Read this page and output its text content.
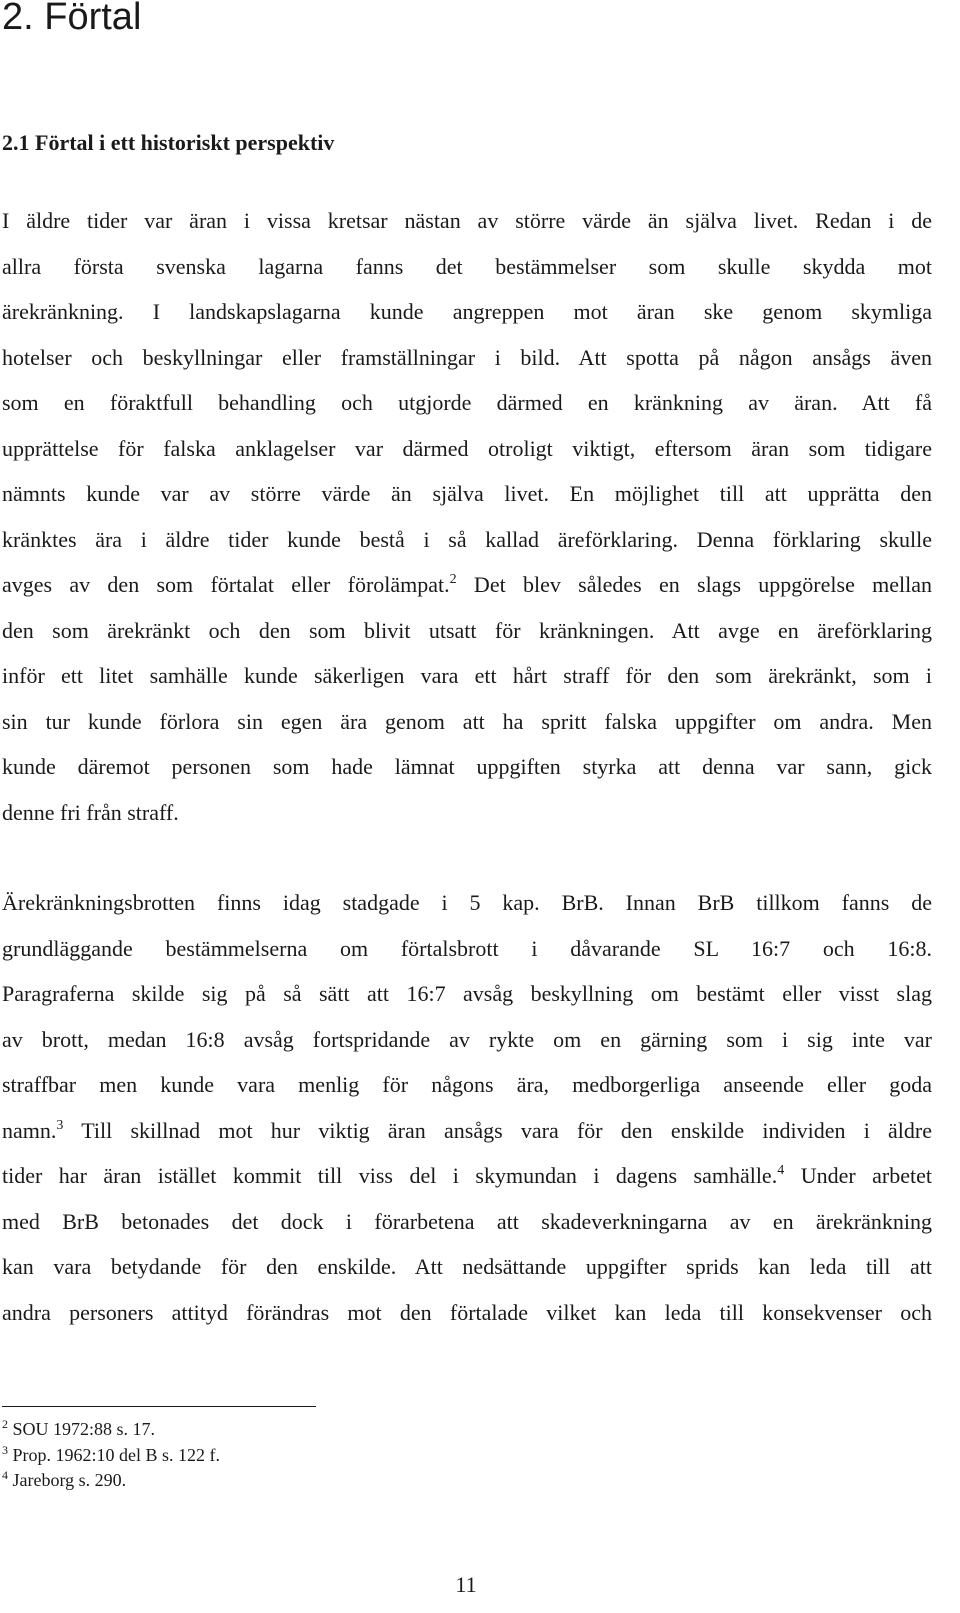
2. Förtal
2.1 Förtal i ett historiskt perspektiv
I äldre tider var äran i vissa kretsar nästan av större värde än själva livet. Redan i de
allra första svenska lagarna fanns det bestämmelser som skulle skydda mot
ärekränkning. I landskapslagarna kunde angreppen mot äran ske genom skymliga
hotelser och beskyllningar eller framställningar i bild. Att spotta på någon ansågs även
som en föraktfull behandling och utgjorde därmed en kränkning av äran. Att få
upprättelse för falska anklagelser var därmed otroligt viktigt, eftersom äran som tidigare
nämnts kunde var av större värde än själva livet. En möjlighet till att upprätta den
kränktes ära i äldre tider kunde bestå i så kallad äreförklaring. Denna förklaring skulle
avges av den som förtalat eller förolämpat.$^2$ Det blev således en slags uppgörelse mellan
den som ärekränkt och den som blivit utsatt för kränkningen. Att avge en äreförklaring
inför ett litet samhälle kunde säkerligen vara ett hårt straff för den som ärekränkt, som i
sin tur kunde förlora sin egen ära genom att ha spritt falska uppgifter om andra. Men
kunde däremot personen som hade lämnat uppgiften styrka att denna var sann, gick
denne fri från straff.
Ärekränkningsbrotten finns idag stadgade i 5 kap. BrB. Innan BrB tillkom fanns de
grundläggande bestämmelserna om förtalsbrott i dåvarande SL 16:7 och 16:8.
Paragraferna skilde sig på så sätt att 16:7 avsåg beskyllning om bestämt eller visst slag
av brott, medan 16:8 avsåg fortspridande av rykte om en gärning som i sig inte var
straffbar men kunde vara menlig för någons ära, medborgerliga anseende eller goda
namn.$^3$ Till skillnad mot hur viktig äran ansågs vara för den enskilde individen i äldre
tider har äran istället kommit till viss del i skymundan i dagens samhälle.$^4$ Under arbetet
med BrB betonades det dock i förarbetena att skadeverkningarna av en ärekränkning
kan vara betydande för den enskilde. Att nedsättande uppgifter sprids kan leda till att
andra personers attityd förändras mot den förtalade vilket kan leda till konsekvenser och
$^2$ SOU 1972:88 s. 17.
$^3$ Prop. 1962:10 del B s. 122 f.
$^4$ Jareborg s. 290.
11
